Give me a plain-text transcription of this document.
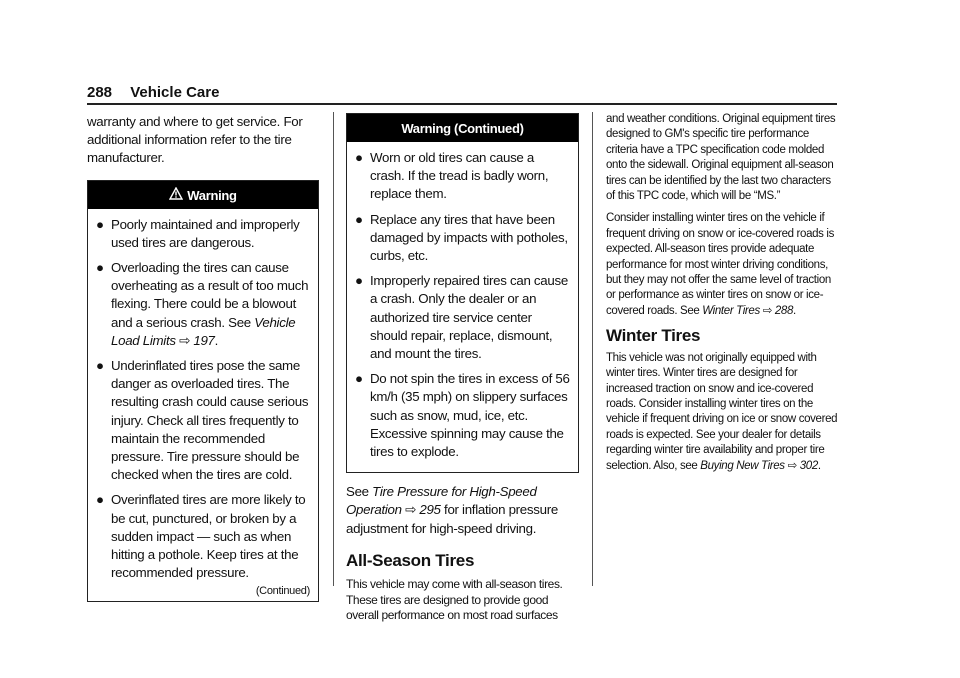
288 Vehicle Care

warranty and where to get service. For additional information refer to the tire manufacturer.

Warning
● Poorly maintained and improperly used tires are dangerous.
● Overloading the tires can cause overheating as a result of too much flexing. There could be a blowout and a serious crash. See Vehicle Load Limits ⇨ 197.
● Underinflated tires pose the same danger as overloaded tires. The resulting crash could cause serious injury. Check all tires frequently to maintain the recommended pressure. Tire pressure should be checked when the tires are cold.
● Overinflated tires are more likely to be cut, punctured, or broken by a sudden impact — such as when hitting a pothole. Keep tires at the recommended pressure.
(Continued)
Warning (Continued)
● Worn or old tires can cause a crash. If the tread is badly worn, replace them.
● Replace any tires that have been damaged by impacts with potholes, curbs, etc.
● Improperly repaired tires can cause a crash. Only the dealer or an authorized tire service center should repair, replace, dismount, and mount the tires.
● Do not spin the tires in excess of 56 km/h (35 mph) on slippery surfaces such as snow, mud, ice, etc. Excessive spinning may cause the tires to explode.

See Tire Pressure for High-Speed Operation ⇨ 295 for inflation pressure adjustment for high-speed driving.

All-Season Tires

This vehicle may come with all-season tires. These tires are designed to provide good overall performance on most road surfaces

and weather conditions. Original equipment tires designed to GM's specific tire performance criteria have a TPC specification code molded onto the sidewall. Original equipment all-season tires can be identified by the last two characters of this TPC code, which will be “MS.”

Consider installing winter tires on the vehicle if frequent driving on snow or ice-covered roads is expected. All-season tires provide adequate performance for most winter driving conditions, but they may not offer the same level of traction or performance as winter tires on snow or ice-covered roads. See Winter Tires ⇨ 288.

Winter Tires

This vehicle was not originally equipped with winter tires. Winter tires are designed for increased traction on snow and ice-covered roads. Consider installing winter tires on the vehicle if frequent driving on ice or snow covered roads is expected. See your dealer for details regarding winter tire availability and proper tire selection. Also, see Buying New Tires ⇨ 302.
